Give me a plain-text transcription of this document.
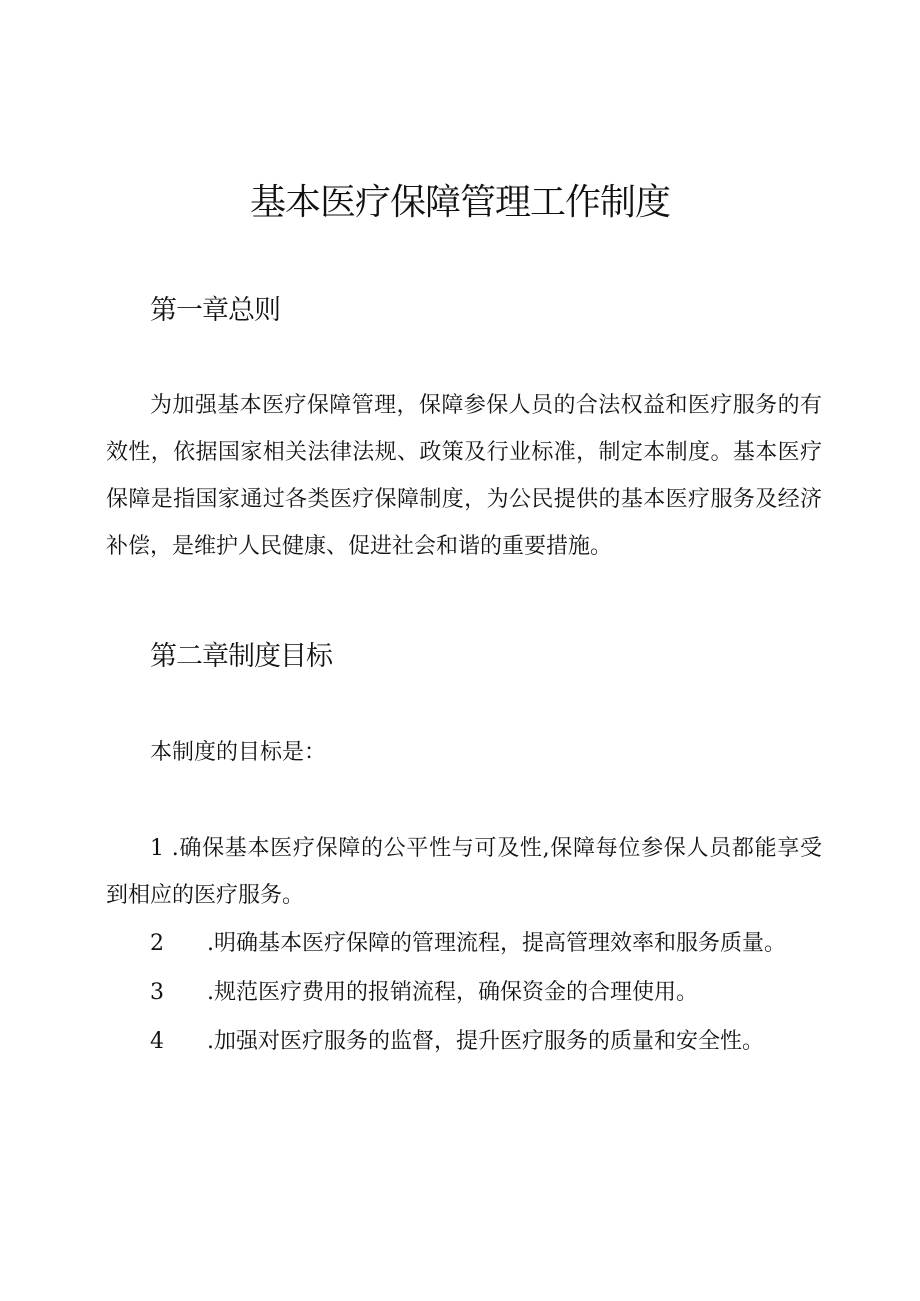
基本医疗保障管理工作制度
第一章总则

为加强基本医疗保障管理，保障参保人员的合法权益和医疗服务的有效性，依据国家相关法律法规、政策及行业标准，制定本制度。基本医疗保障是指国家通过各类医疗保障制度，为公民提供的基本医疗服务及经济补偿，是维护人民健康、促进社会和谐的重要措施。

第二章制度目标

本制度的目标是：

1 .确保基本医疗保障的公平性与可及性,保障每位参保人员都能享受到相应的医疗服务。

2 .明确基本医疗保障的管理流程，提高管理效率和服务质量。

3 .规范医疗费用的报销流程，确保资金的合理使用。

4 .加强对医疗服务的监督，提升医疗服务的质量和安全性。
